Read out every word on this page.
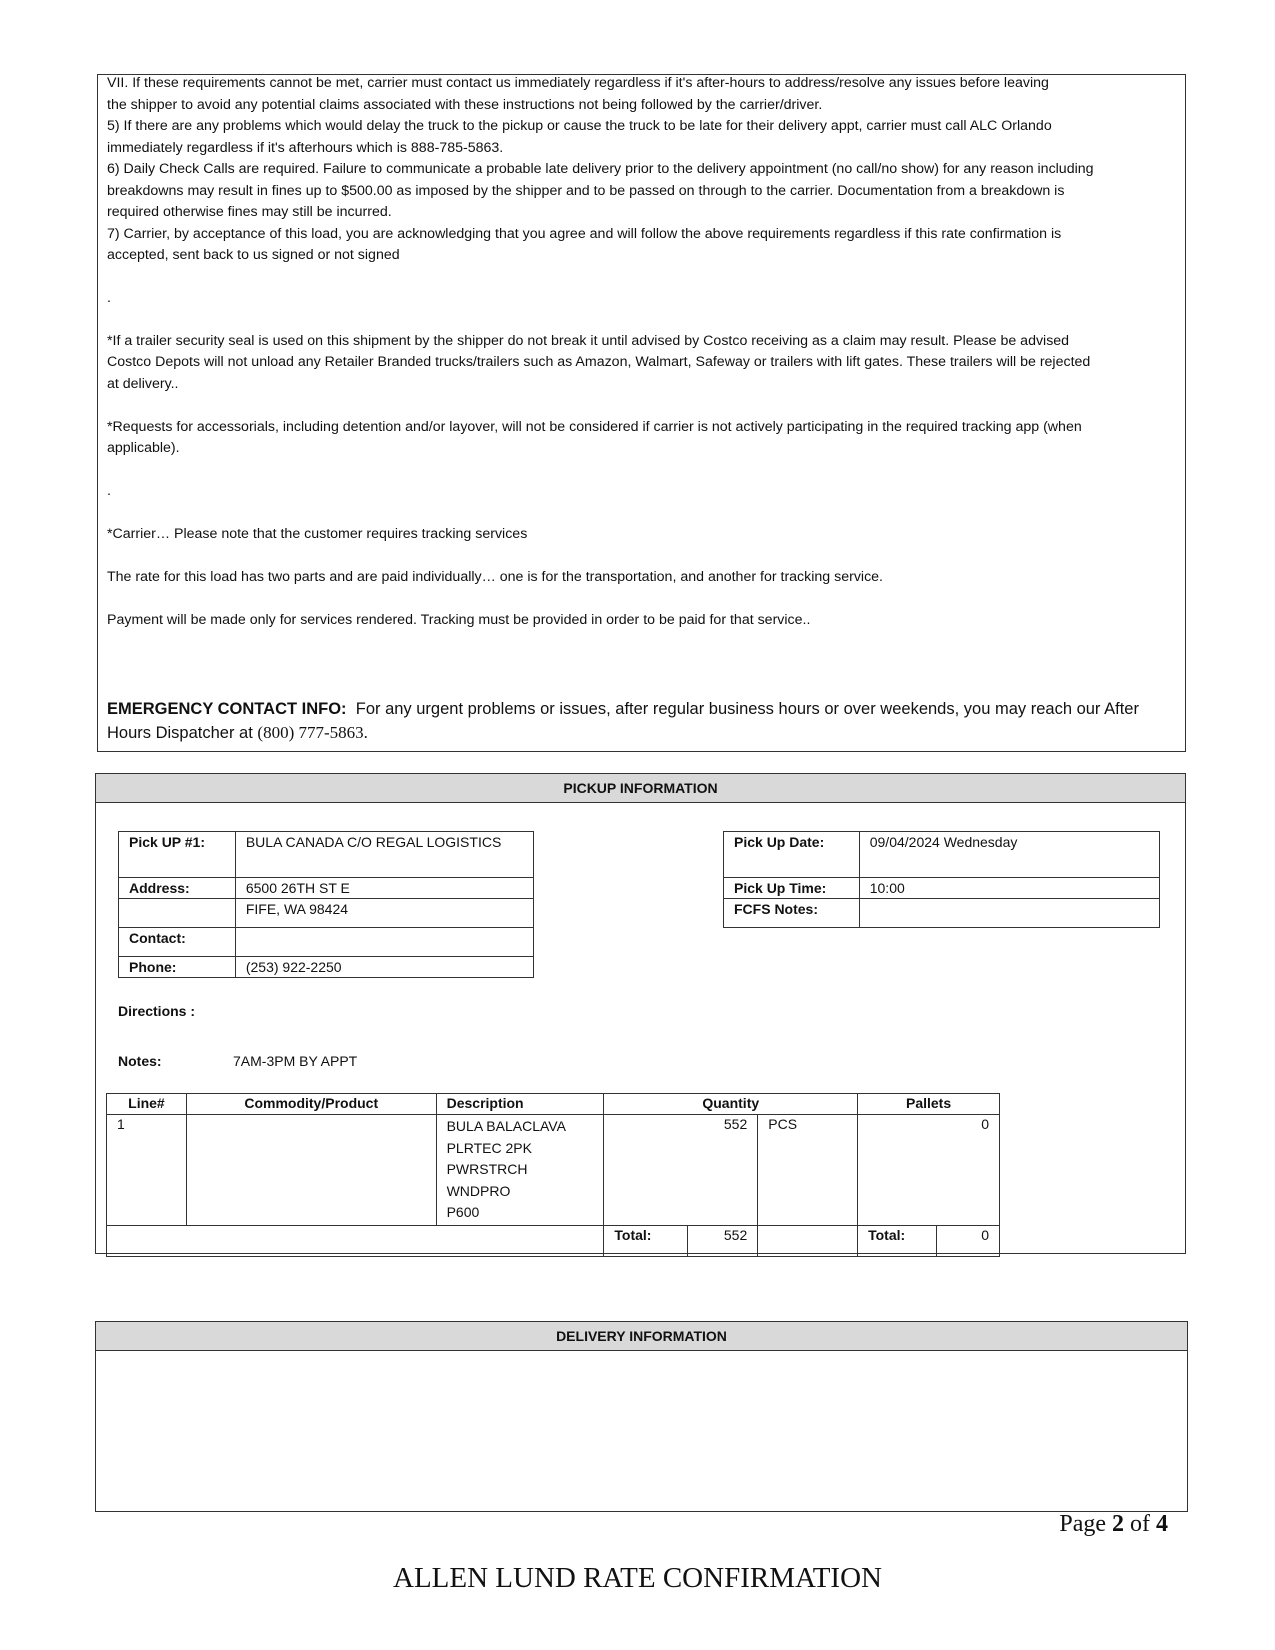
VII. If these requirements cannot be met, carrier must contact us immediately regardless if it's after-hours to address/resolve any issues before leaving
the shipper to avoid any potential claims associated with these instructions not being followed by the carrier/driver.
5) If there are any problems which would delay the truck to the pickup or cause the truck to be late for their delivery appt, carrier must call ALC Orlando
immediately regardless if it's afterhours which is 888-785-5863.
6) Daily Check Calls are required. Failure to communicate a probable late delivery prior to the delivery appointment (no call/no show) for any reason including
breakdowns may result in fines up to $500.00 as imposed by the shipper and to be passed on through to the carrier. Documentation from a breakdown is
required otherwise fines may still be incurred.
7) Carrier, by acceptance of this load, you are acknowledging that you agree and will follow the above requirements regardless if this rate confirmation is
accepted, sent back to us signed or not signed
.
*If a trailer security seal is used on this shipment by the shipper do not break it until advised by Costco receiving as a claim may result. Please be advised
Costco Depots will not unload any Retailer Branded trucks/trailers such as Amazon, Walmart, Safeway or trailers with lift gates. These trailers will be rejected
at delivery..
*Requests for accessorials, including detention and/or layover, will not be considered if carrier is not actively participating in the required tracking app (when
applicable).
.
*Carrier… Please note that the customer requires tracking services
The rate for this load has two parts and are paid individually… one is for the transportation, and another for tracking service.
Payment will be made only for services rendered. Tracking must be provided in order to be paid for that service..
EMERGENCY CONTACT INFO: For any urgent problems or issues, after regular business hours or over weekends, you may reach our After
Hours Dispatcher at (800) 777-5863.
PICKUP INFORMATION
Pick UP #1:	BULA CANADA C/O REGAL LOGISTICS
Address:	6500 26TH ST E
	FIFE, WA 98424
Contact:	
Phone:	(253) 922-2250
Pick Up Date:	09/04/2024 Wednesday
Pick Up Time:	10:00
FCFS Notes:	
Directions :
Notes:	7AM-3PM BY APPT
Line#	Commodity/Product	Description	Quantity			Pallets	
1		BULA BALACLAVA
PLRTEC 2PK
PWRSTRCH WNDPRO
P600	552		PCS	0	
			Total:	552		Total:	0
DELIVERY INFORMATION
Page 2 of 4
ALLEN LUND RATE CONFIRMATION
